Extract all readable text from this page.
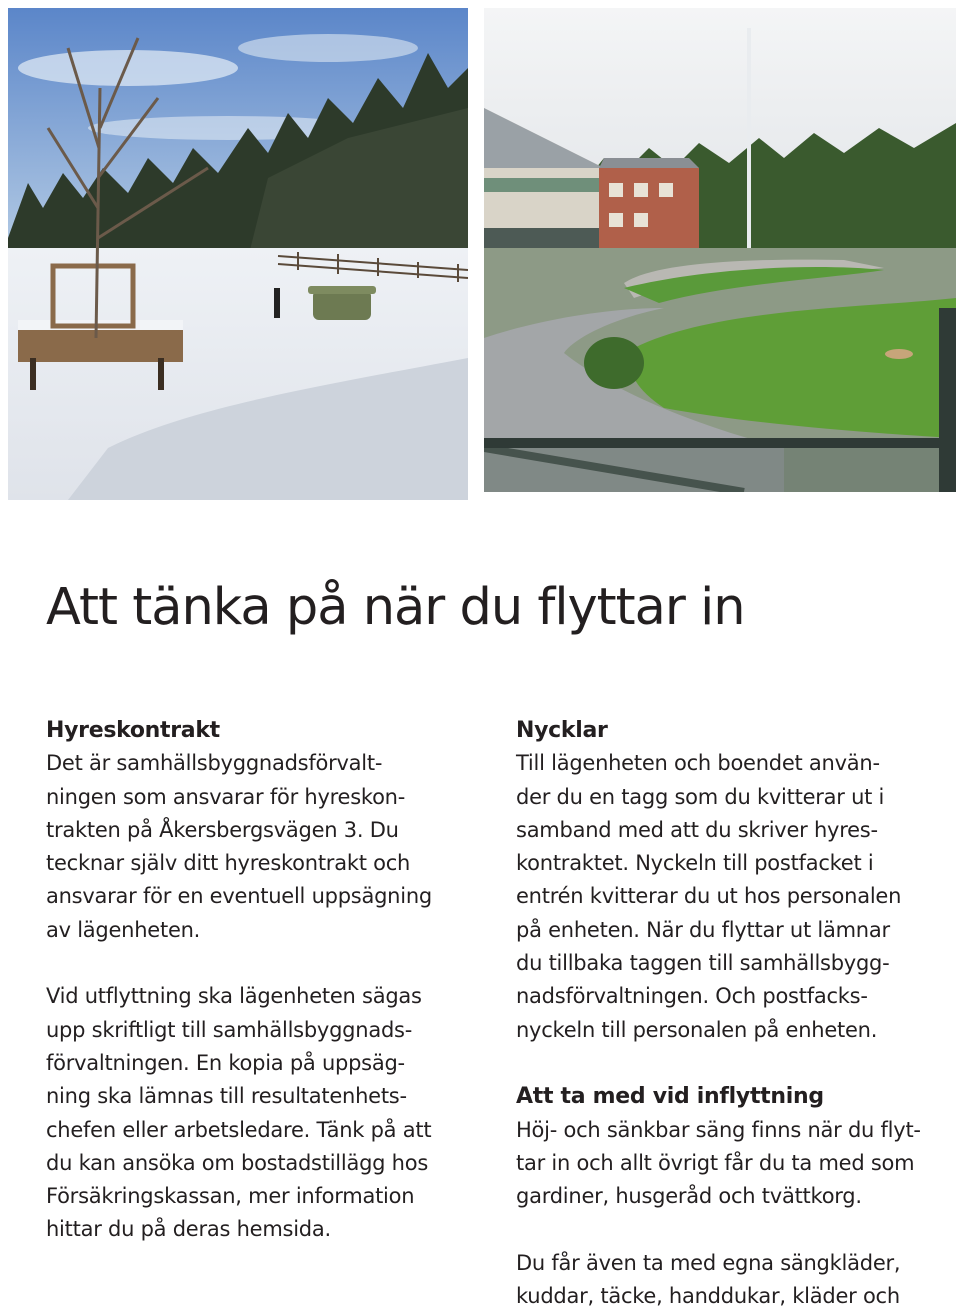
Att tänka på när du flyttar in
Hyreskontrakt
Det är samhällsbyggnadsförvalt-
ningen som ansvarar för hyreskon-
trakten på Åkersbergsvägen 3. Du
tecknar själv ditt hyreskontrakt och
ansvarar för en eventuell uppsägning
av lägenheten.
Vid utflyttning ska lägenheten sägas
upp skriftligt till samhällsbyggnads-
förvaltningen. En kopia på uppsäg-
ning ska lämnas till resultatenhets-
chefen eller arbetsledare. Tänk på att
du kan ansöka om bostadstillägg hos
Försäkringskassan, mer information
hittar du på deras hemsida.
Nycklar
Till lägenheten och boendet använ-
der du en tagg som du kvitterar ut i
samband med att du skriver hyres-
kontraktet. Nyckeln till postfacket i
entrén kvitterar du ut hos personalen
på enheten. När du flyttar ut lämnar
du tillbaka taggen till samhällsbygg-
nadsförvaltningen. Och postfacks-
nyckeln till personalen på enheten.
Att ta med vid inflyttning
Höj- och sänkbar säng finns när du flyt-
tar in och allt övrigt får du ta med som
gardiner, husgeråd och tvättkorg.
Du får även ta med egna sängkläder,
kuddar, täcke, handdukar, kläder och
